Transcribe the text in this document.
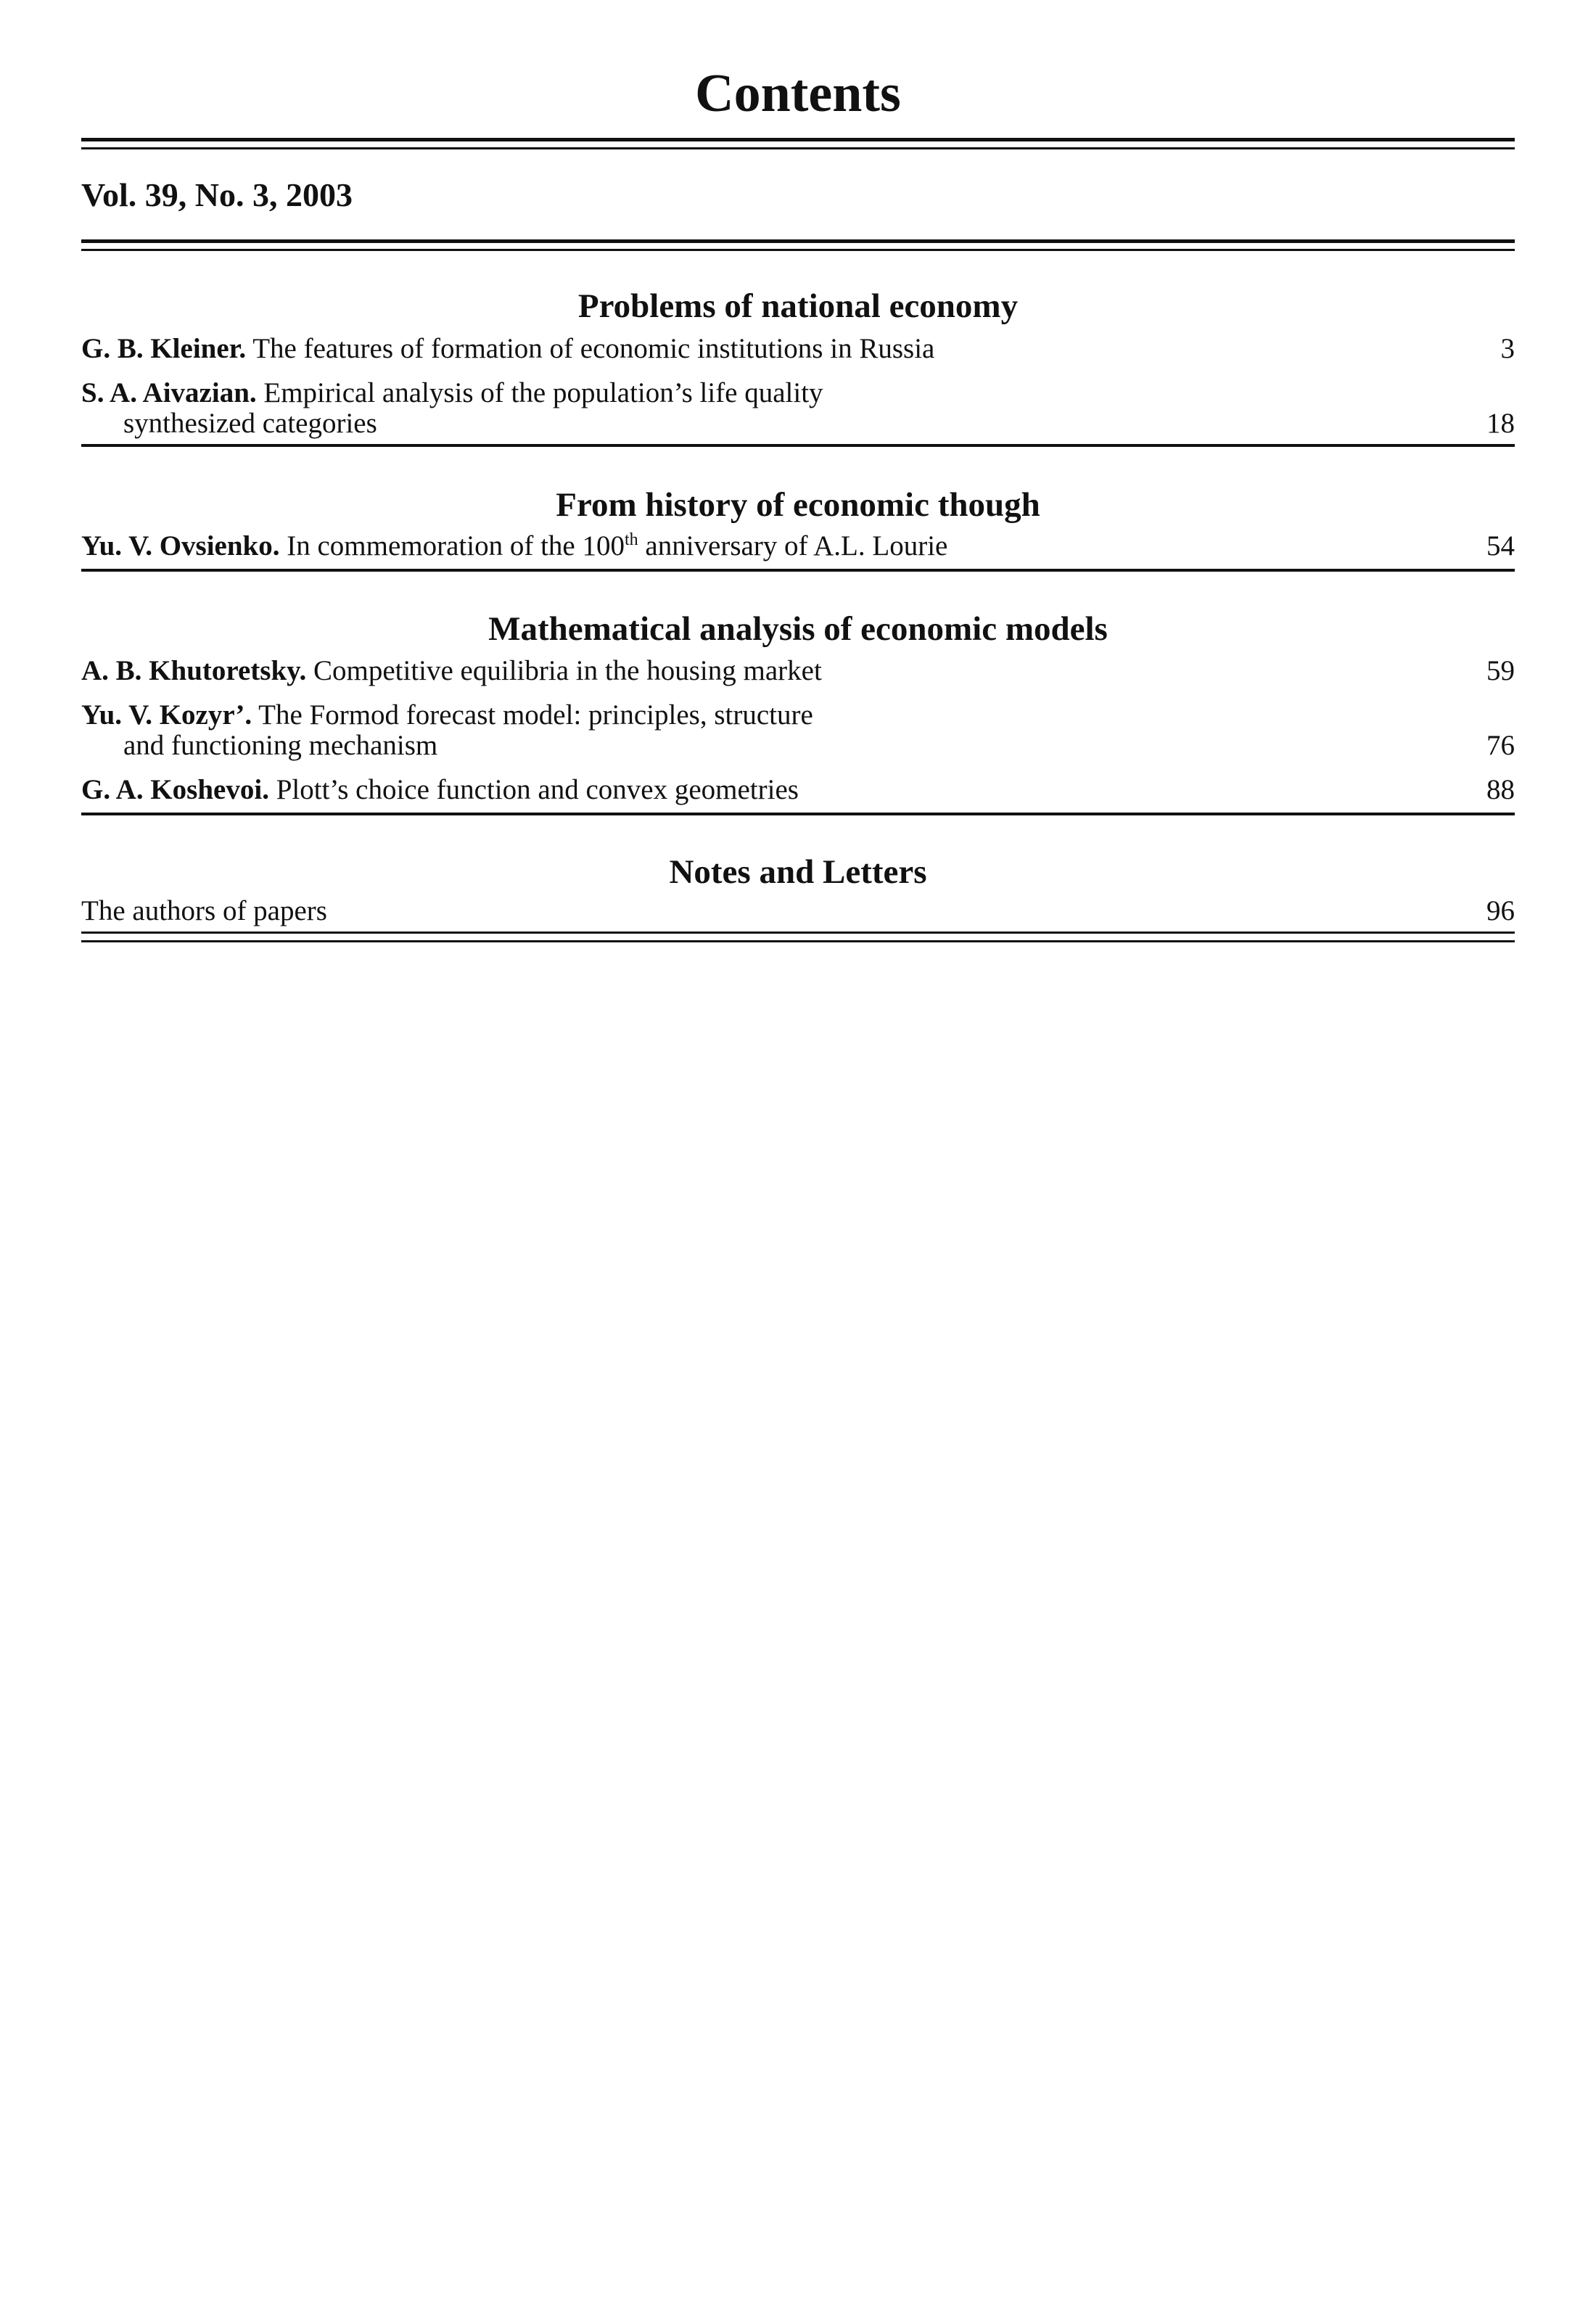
Contents
Vol. 39, No. 3, 2003
Problems of national economy
G. B. Kleiner. The features of formation of economic institutions in Russia	3
S. A. Aivazian. Empirical analysis of the population’s life quality
synthesized categories	18
From history of economic though
Yu. V. Ovsienko. In commemoration of the 100th anniversary of A.L. Lourie	54
Mathematical analysis of economic models
A. B. Khutoretsky. Competitive equilibria in the housing market	59
Yu. V. Kozyr’. The Formod forecast model: principles, structure
and functioning mechanism	76
G. A. Koshevoi. Plott’s choice function and convex geometries	88
Notes and Letters
The authors of papers	96
